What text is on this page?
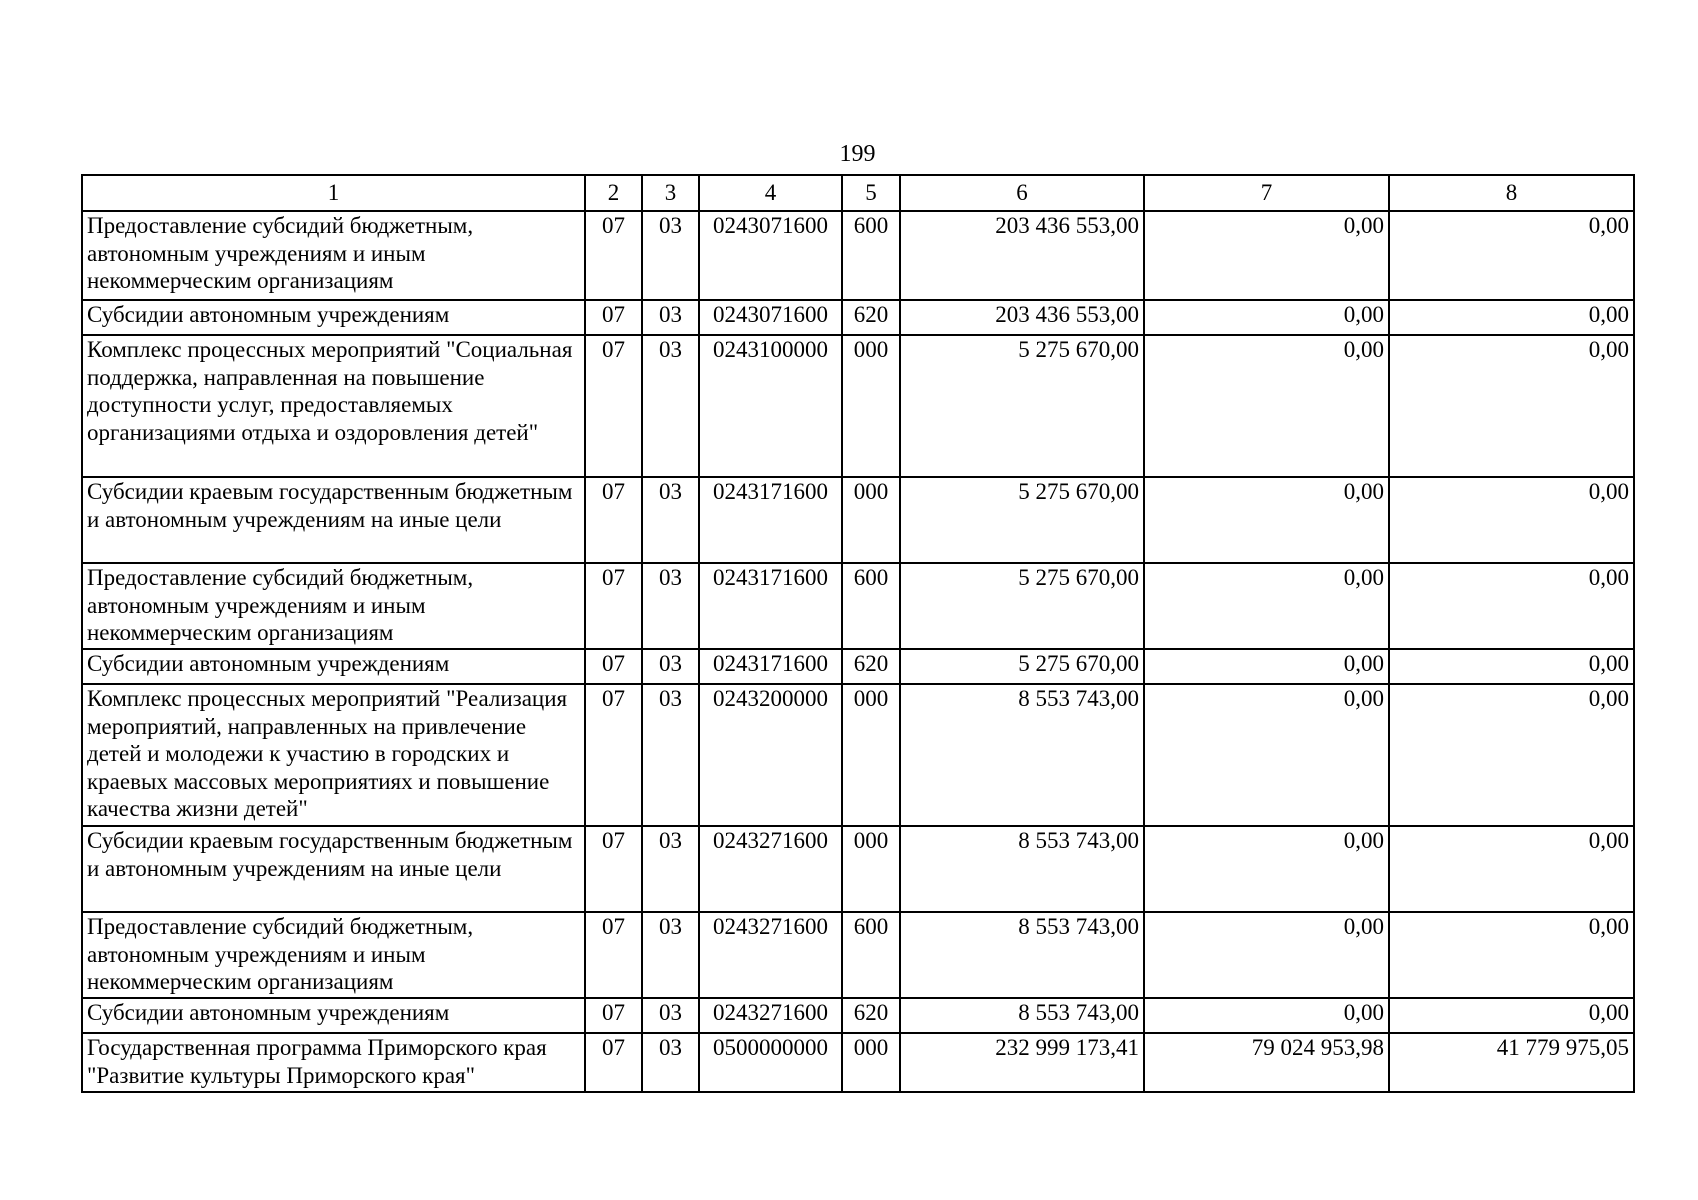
199
1	2	3	4	5	6	7	8
Предоставление субсидий бюджетным, автономным учреждениям и иным некоммерческим организациям	07	03	0243071600	600	203 436 553,00	0,00	0,00
Субсидии автономным учреждениям	07	03	0243071600	620	203 436 553,00	0,00	0,00
Комплекс процессных мероприятий "Социальная поддержка, направленная на повышение доступности услуг, предоставляемых организациями отдыха и оздоровления детей"	07	03	0243100000	000	5 275 670,00	0,00	0,00
Субсидии краевым государственным бюджетным и автономным учреждениям на иные цели	07	03	0243171600	000	5 275 670,00	0,00	0,00
Предоставление субсидий бюджетным, автономным учреждениям и иным некоммерческим организациям	07	03	0243171600	600	5 275 670,00	0,00	0,00
Субсидии автономным учреждениям	07	03	0243171600	620	5 275 670,00	0,00	0,00
Комплекс процессных мероприятий "Реализация мероприятий, направленных на привлечение детей и молодежи к участию в городских и краевых массовых мероприятиях и повышение качества жизни детей"	07	03	0243200000	000	8 553 743,00	0,00	0,00
Субсидии краевым государственным бюджетным и автономным учреждениям на иные цели	07	03	0243271600	000	8 553 743,00	0,00	0,00
Предоставление субсидий бюджетным, автономным учреждениям и иным некоммерческим организациям	07	03	0243271600	600	8 553 743,00	0,00	0,00
Субсидии автономным учреждениям	07	03	0243271600	620	8 553 743,00	0,00	0,00
Государственная программа Приморского края "Развитие культуры Приморского края"	07	03	0500000000	000	232 999 173,41	79 024 953,98	41 779 975,05
